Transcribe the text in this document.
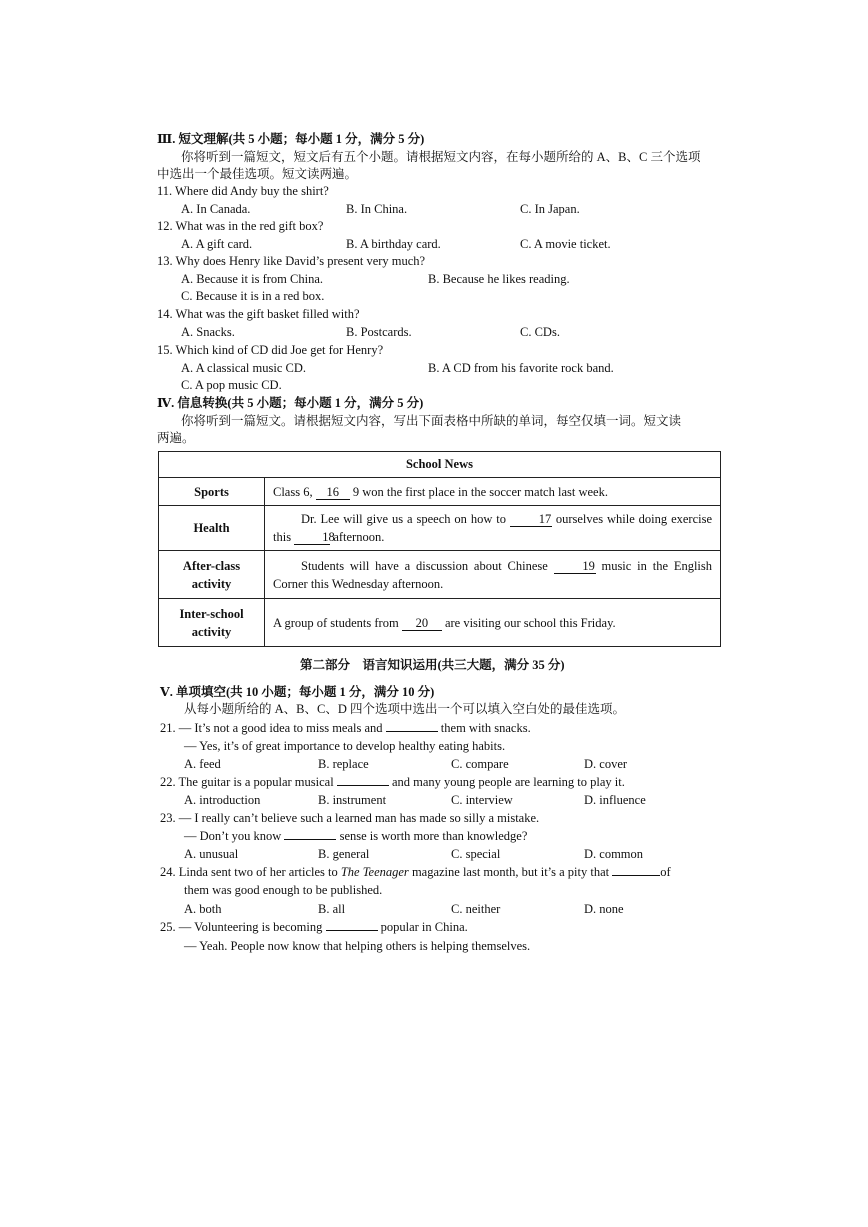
Ⅲ. 短文理解(共 5 小题；每小题 1 分，满分 5 分)
你将听到一篇短文，短文后有五个小题。请根据短文内容，在每小题所给的 A、B、C 三个选项
中选出一个最佳选项。短文读两遍。
11. Where did Andy buy the shirt?
A. In Canada.	B. In China.	C. In Japan.
12. What was in the red gift box?
A. A gift card.	B. A birthday card.	C. A movie ticket.
13. Why does Henry like David’s present very much?
A. Because it is from China.	B. Because he likes reading.
C. Because it is in a red box.
14. What was the gift basket filled with?
A. Snacks.	B. Postcards.	C. CDs.
15. Which kind of CD did Joe get for Henry?
A. A classical music CD.	B. A CD from his favorite rock band.
C. A pop music CD.
Ⅳ. 信息转换(共 5 小题；每小题 1 分，满分 5 分)
你将听到一篇短文。请根据短文内容，写出下面表格中所缺的单词，每空仅填一词。短文读
两遍。
School News	
Sports	Class 6, 16 9 won the first place in the soccer match last week.
Health	Dr. Lee will give us a speech on how to 17 ourselves while doing exercise this 18 afternoon.

After-class
activity	Students will have a discussion about Chinese 19 music in the English Corner this Wednesday afternoon.

Inter-school
activity	A group of students from 20 are visiting our school this Friday.
第二部分　语言知识运用(共三大题，满分 35 分)
Ⅴ. 单项填空(共 10 小题；每小题 1 分，满分 10 分)
从每小题所给的 A、B、C、D 四个选项中选出一个可以填入空白处的最佳选项。
21. — It’s not a good idea to miss meals and	them with snacks.
— Yes, it’s of great importance to develop healthy eating habits.
A. feed	B. replace	C. compare	D. cover
22. The guitar is a popular musical	and many young people are learning to play it.
A. introduction	B. instrument	C. interview	D. influence
23. — I really can’t believe such a learned man has made so silly a mistake.
— Don’t you know	sense is worth more than knowledge?
A. unusual	B. general	C. special	D. common
24. Linda sent two of her articles to The Teenager magazine last month, but it’s a pity that	of
them was good enough to be published.
A. both	B. all	C. neither	D. none
25. — Volunteering is becoming	popular in China.
— Yeah. People now know that helping others is helping themselves.
